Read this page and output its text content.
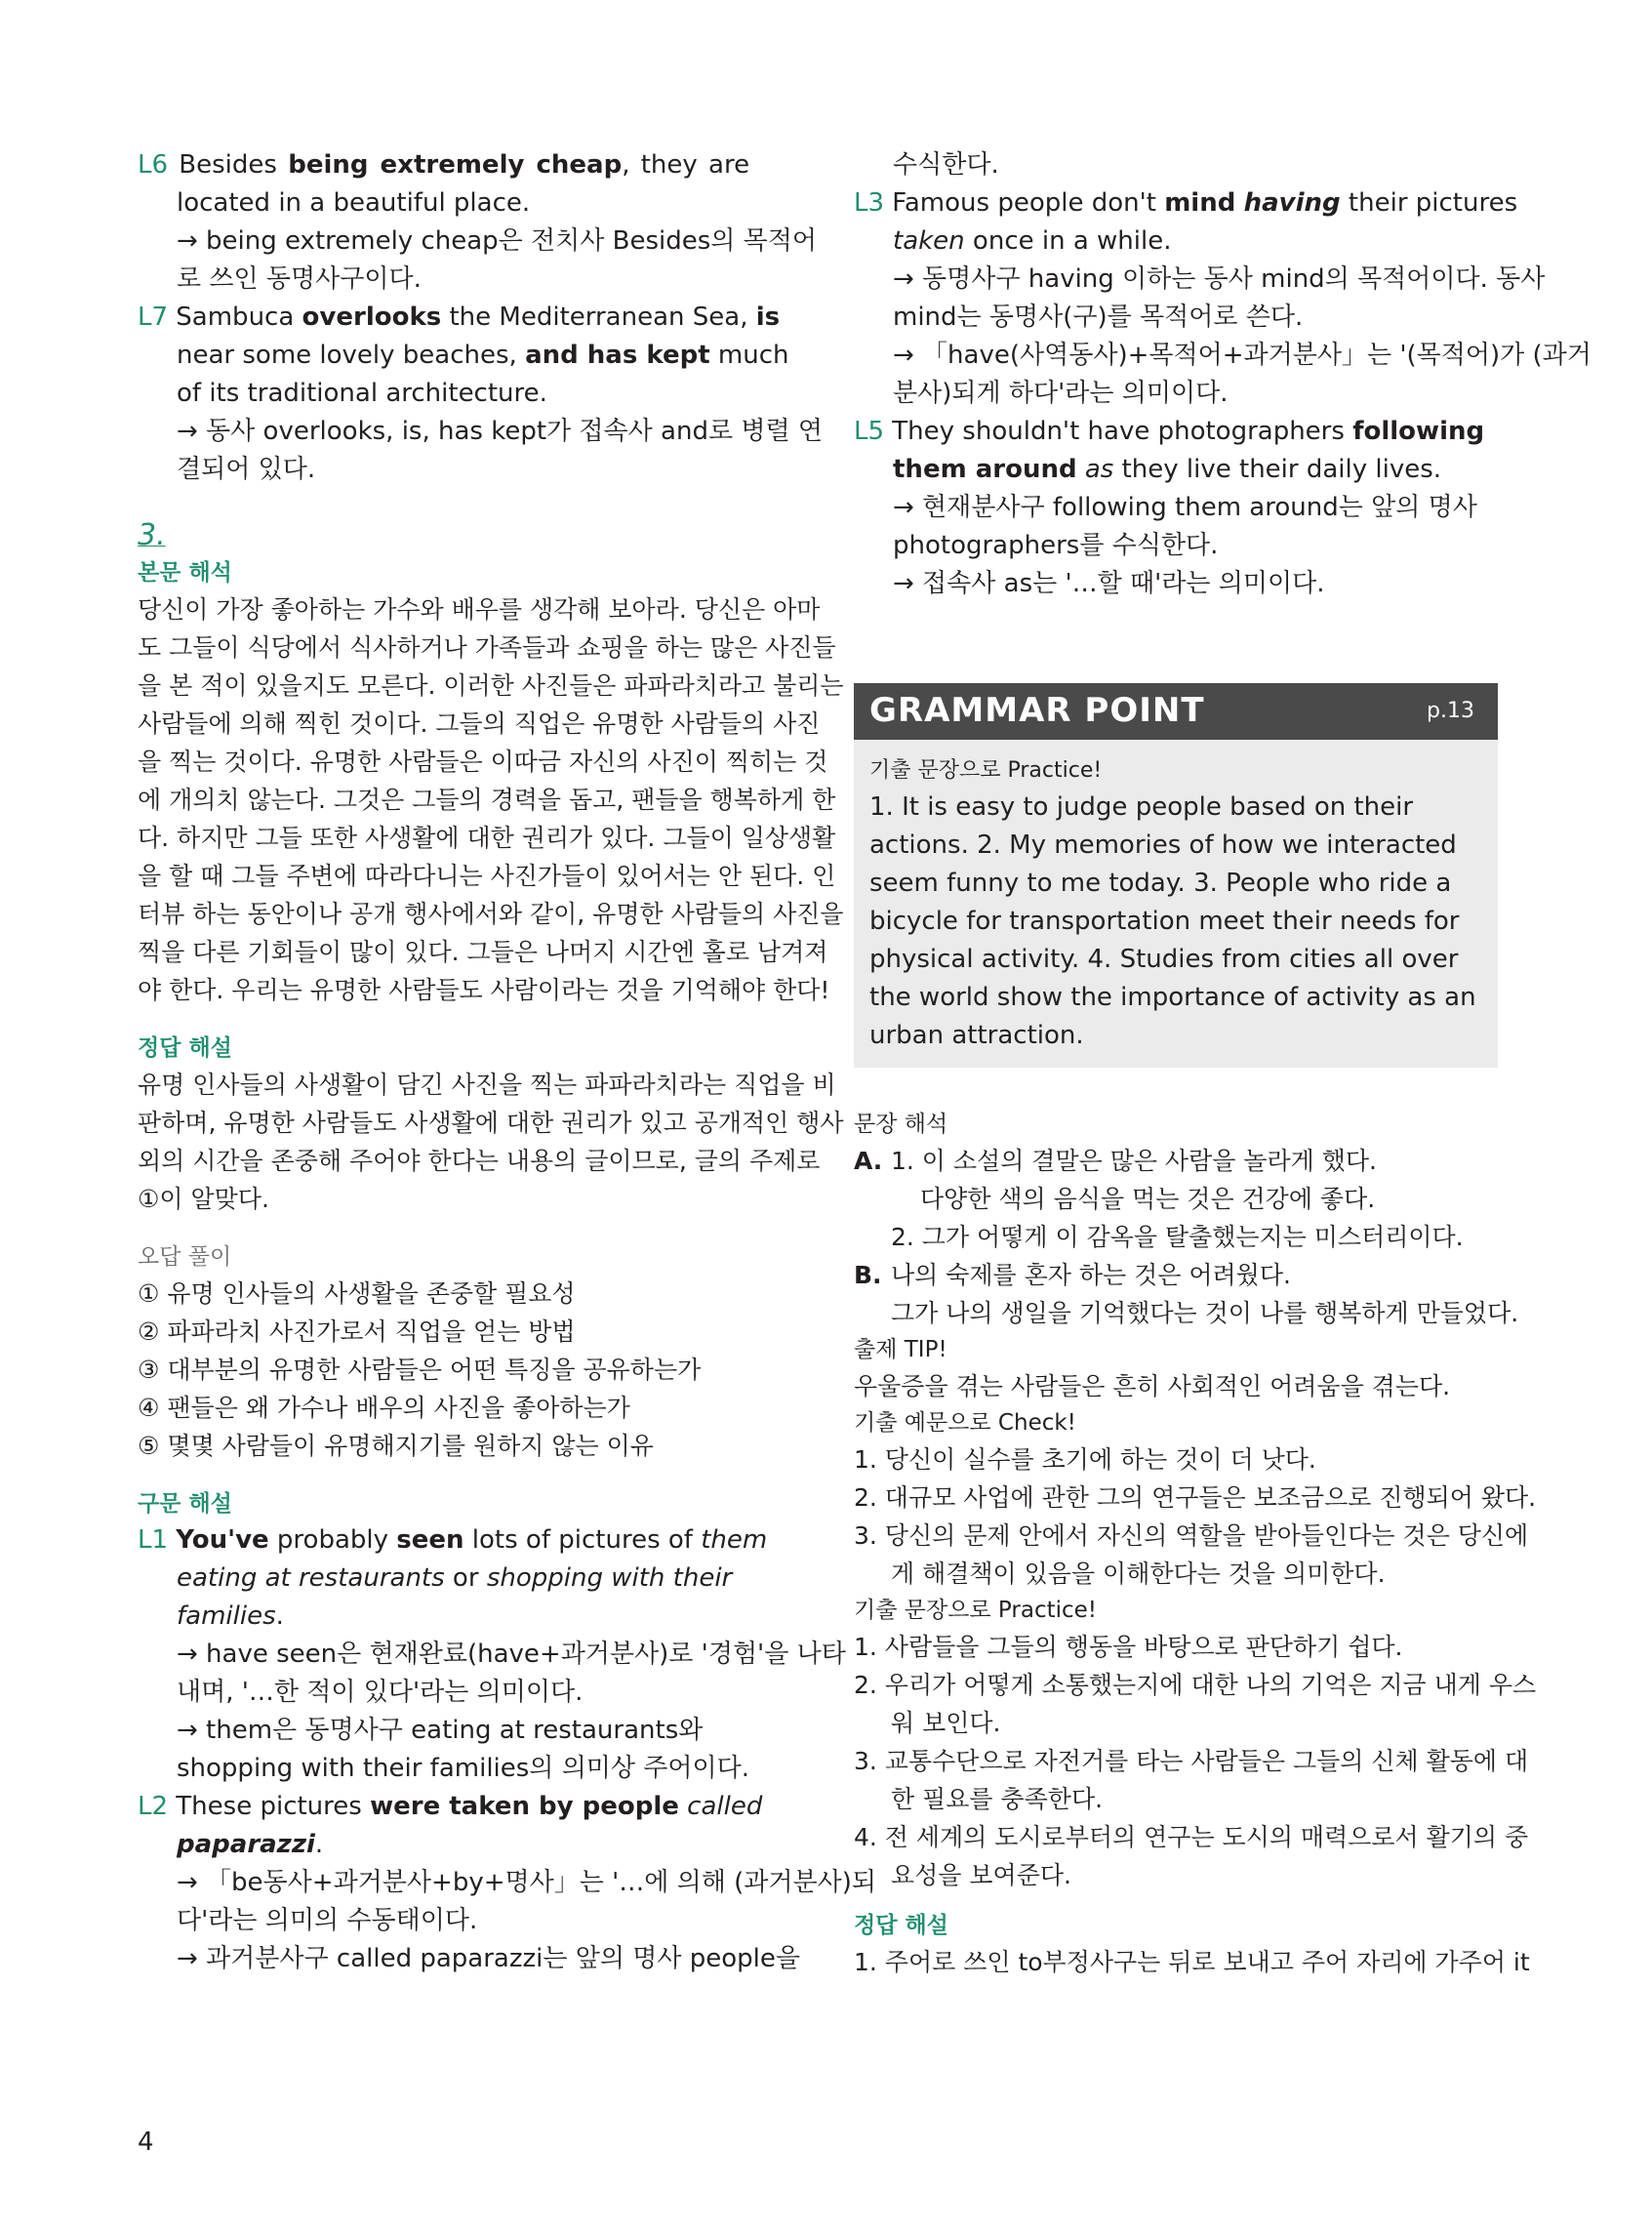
L6 Besides being extremely cheap, they are
located in a beautiful place.
→ being extremely cheap은 전치사 Besides의 목적어
로 쓰인 동명사구이다.
L7 Sambuca overlooks the Mediterranean Sea, is
near some lovely beaches, and has kept much
of its traditional architecture.
→ 동사 overlooks, is, has kept가 접속사 and로 병렬 연
결되어 있다.
3.
본문 해석
당신이 가장 좋아하는 가수와 배우를 생각해 보아라. 당신은 아마
도 그들이 식당에서 식사하거나 가족들과 쇼핑을 하는 많은 사진들
을 본 적이 있을지도 모른다. 이러한 사진들은 파파라치라고 불리는
사람들에 의해 찍힌 것이다. 그들의 직업은 유명한 사람들의 사진
을 찍는 것이다. 유명한 사람들은 이따금 자신의 사진이 찍히는 것
에 개의치 않는다. 그것은 그들의 경력을 돕고, 팬들을 행복하게 한
다. 하지만 그들 또한 사생활에 대한 권리가 있다. 그들이 일상생활
을 할 때 그들 주변에 따라다니는 사진가들이 있어서는 안 된다. 인
터뷰 하는 동안이나 공개 행사에서와 같이, 유명한 사람들의 사진을
찍을 다른 기회들이 많이 있다. 그들은 나머지 시간엔 홀로 남겨져
야 한다. 우리는 유명한 사람들도 사람이라는 것을 기억해야 한다!
정답 해설
유명 인사들의 사생활이 담긴 사진을 찍는 파파라치라는 직업을 비
판하며, 유명한 사람들도 사생활에 대한 권리가 있고 공개적인 행사
외의 시간을 존중해 주어야 한다는 내용의 글이므로, 글의 주제로
①이 알맞다.
오답 풀이
① 유명 인사들의 사생활을 존중할 필요성
② 파파라치 사진가로서 직업을 얻는 방법
③ 대부분의 유명한 사람들은 어떤 특징을 공유하는가
④ 팬들은 왜 가수나 배우의 사진을 좋아하는가
⑤ 몇몇 사람들이 유명해지기를 원하지 않는 이유
구문 해설
L1 You've probably seen lots of pictures of them
eating at restaurants or shopping with their
families.
→ have seen은 현재완료(have+과거분사)로 '경험'을 나타
내며, '…한 적이 있다'라는 의미이다.
→ them은 동명사구 eating at restaurants와
shopping with their families의 의미상 주어이다.
L2 These pictures were taken by people called
paparazzi.
→ 「be동사+과거분사+by+명사」는 '…에 의해 (과거분사)되
다'라는 의미의 수동태이다.
→ 과거분사구 called paparazzi는 앞의 명사 people을
수식한다.
L3 Famous people don't mind having their pictures
taken once in a while.
→ 동명사구 having 이하는 동사 mind의 목적어이다. 동사
mind는 동명사(구)를 목적어로 쓴다.
→ 「have(사역동사)+목적어+과거분사」는 '(목적어)가 (과거
분사)되게 하다'라는 의미이다.
L5 They shouldn't have photographers following
them around as they live their daily lives.
→ 현재분사구 following them around는 앞의 명사
photographers를 수식한다.
→ 접속사 as는 '…할 때'라는 의미이다.
GRAMMAR POINT	p.13
기출 문장으로 Practice!
1. It is easy to judge people based on their
actions. 2. My memories of how we interacted
seem funny to me today. 3. People who ride a
bicycle for transportation meet their needs for
physical activity. 4. Studies from cities all over
the world show the importance of activity as an
urban attraction.
문장 해석
A. 1. 이 소설의 결말은 많은 사람을 놀라게 했다.
다양한 색의 음식을 먹는 것은 건강에 좋다.
2. 그가 어떻게 이 감옥을 탈출했는지는 미스터리이다.
B. 나의 숙제를 혼자 하는 것은 어려웠다.
그가 나의 생일을 기억했다는 것이 나를 행복하게 만들었다.
출제 TIP!
우울증을 겪는 사람들은 흔히 사회적인 어려움을 겪는다.
기출 예문으로 Check!
1. 당신이 실수를 초기에 하는 것이 더 낫다.
2. 대규모 사업에 관한 그의 연구들은 보조금으로 진행되어 왔다.
3. 당신의 문제 안에서 자신의 역할을 받아들인다는 것은 당신에
게 해결책이 있음을 이해한다는 것을 의미한다.
기출 문장으로 Practice!
1. 사람들을 그들의 행동을 바탕으로 판단하기 쉽다.
2. 우리가 어떻게 소통했는지에 대한 나의 기억은 지금 내게 우스
워 보인다.
3. 교통수단으로 자전거를 타는 사람들은 그들의 신체 활동에 대
한 필요를 충족한다.
4. 전 세계의 도시로부터의 연구는 도시의 매력으로서 활기의 중
요성을 보여준다.
정답 해설
1. 주어로 쓰인 to부정사구는 뒤로 보내고 주어 자리에 가주어 it
4
